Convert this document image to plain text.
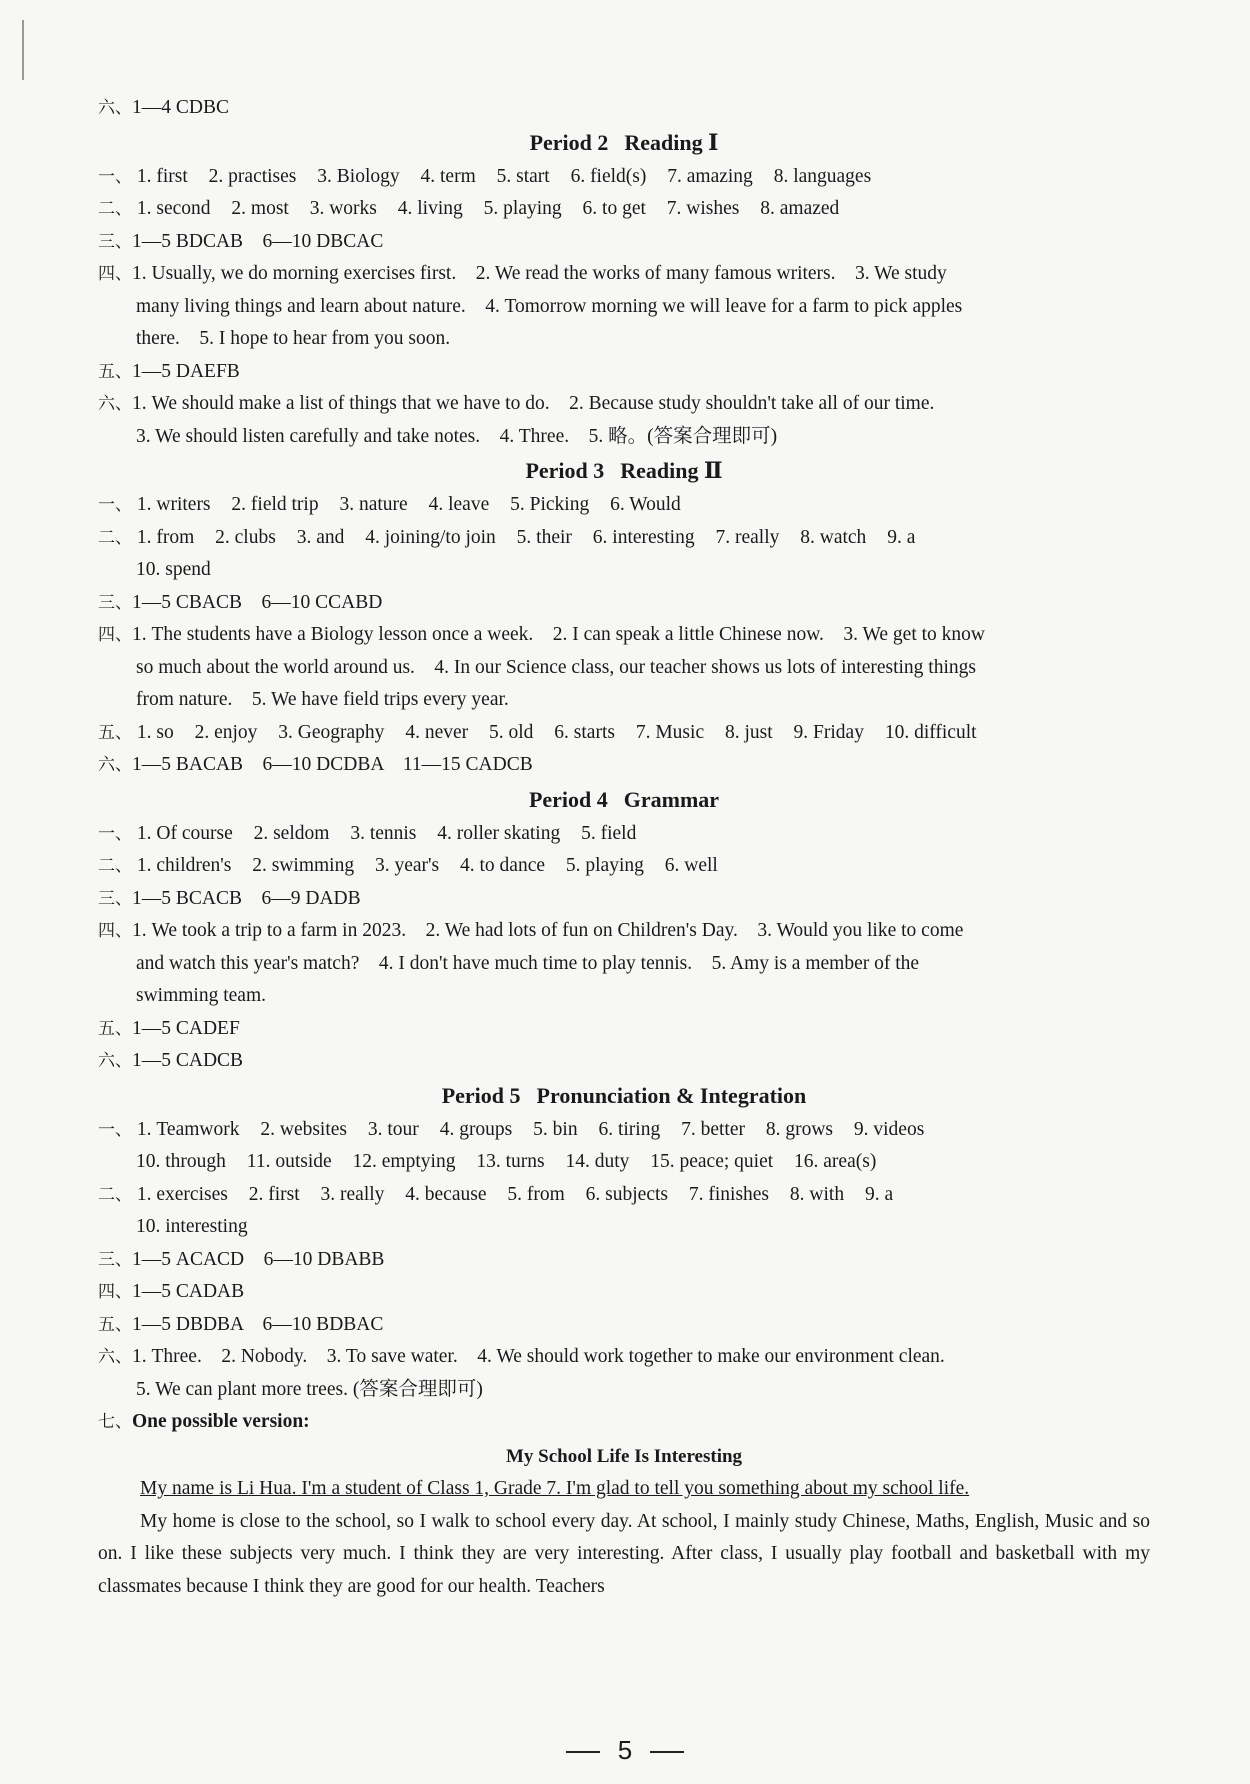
六、1—4 CDBC
Period 2 Reading Ⅰ
一、 1. first 2. practises 3. Biology 4. term 5. start 6. field(s) 7. amazing 8. languages
二、 1. second 2. most 3. works 4. living 5. playing 6. to get 7. wishes 8. amazed
三、1—5 BDCAB　6—10 DBCAC
四、1. Usually, we do morning exercises first.　2. We read the works of many famous writers.　3. We study
many living things and learn about nature.　4. Tomorrow morning we will leave for a farm to pick apples
there.　5. I hope to hear from you soon.
五、1—5 DAEFB
六、1. We should make a list of things that we have to do.　2. Because study shouldn't take all of our time.
3. We should listen carefully and take notes.　4. Three.　5. 略。(答案合理即可)
Period 3 Reading Ⅱ
一、 1. writers 2. field trip 3. nature 4. leave 5. Picking 6. Would
二、 1. from 2. clubs 3. and 4. joining/to join 5. their 6. interesting 7. really 8. watch 9. a
10. spend
三、1—5 CBACB　6—10 CCABD
四、1. The students have a Biology lesson once a week.　2. I can speak a little Chinese now.　3. We get to know
so much about the world around us.　4. In our Science class, our teacher shows us lots of interesting things
from nature.　5. We have field trips every year.
五、 1. so 2. enjoy 3. Geography 4. never 5. old 6. starts 7. Music 8. just 9. Friday 10. difficult
六、1—5 BACAB　6—10 DCDBA　11—15 CADCB
Period 4 Grammar
一、 1. Of course 2. seldom 3. tennis 4. roller skating 5. field
二、 1. children's 2. swimming 3. year's 4. to dance 5. playing 6. well
三、1—5 BCACB　6—9 DADB
四、1. We took a trip to a farm in 2023.　2. We had lots of fun on Children's Day.　3. Would you like to come
and watch this year's match?　4. I don't have much time to play tennis.　5. Amy is a member of the
swimming team.
五、1—5 CADEF
六、1—5 CADCB
Period 5 Pronunciation & Integration
一、 1. Teamwork 2. websites 3. tour 4. groups 5. bin 6. tiring 7. better 8. grows 9. videos
10. through 11. outside 12. emptying 13. turns 14. duty 15. peace; quiet 16. area(s)
二、 1. exercises 2. first 3. really 4. because 5. from 6. subjects 7. finishes 8. with 9. a
10. interesting
三、1—5 ACACD　6—10 DBABB
四、1—5 CADAB
五、1—5 DBDBA　6—10 BDBAC
六、1. Three.　2. Nobody.　3. To save water.　4. We should work together to make our environment clean.
5. We can plant more trees. (答案合理即可)
七、One possible version:
My School Life Is Interesting
My name is Li Hua. I'm a student of Class 1, Grade 7. I'm glad to tell you something about my school life.
My home is close to the school, so I walk to school every day. At school, I mainly study Chinese, Maths, English, Music and so on. I like these subjects very much. I think they are very interesting. After class, I usually play football and basketball with my classmates because I think they are good for our health. Teachers
5
